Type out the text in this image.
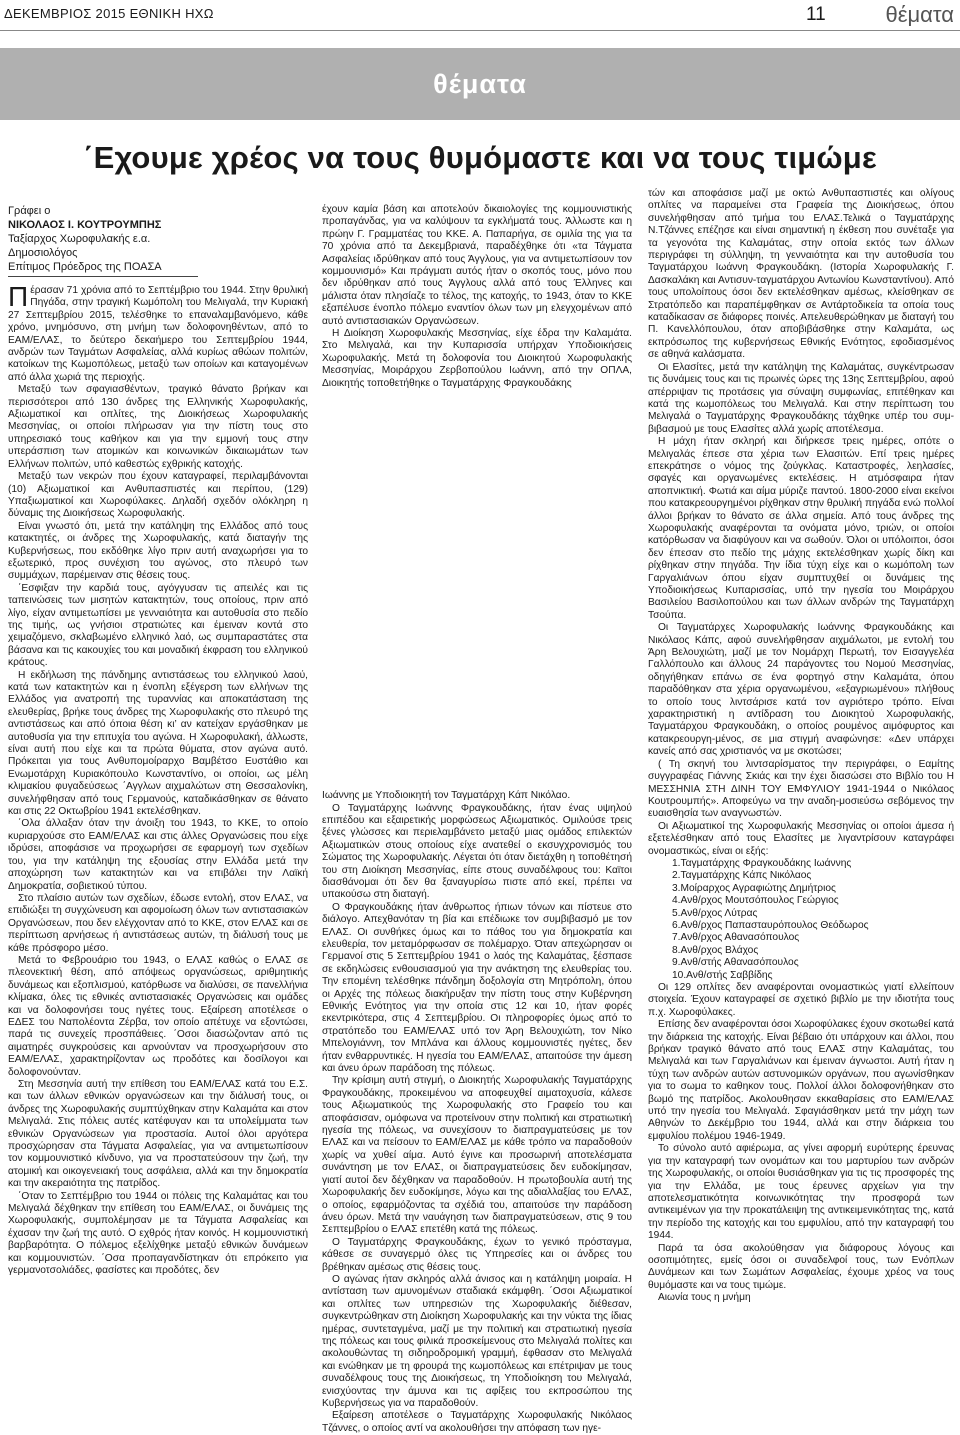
ΔΕΚΕΜΒΡΙΟΣ 2015 ΕΘΝΙΚΗ ΗΧΩ	11	θέματα
θέματα
΄Εχουμε χρέος να τους θυμόμαστε και να τους τιμώμε
Γράφει ο
ΝΙΚΟΛΑΟΣ Ι. ΚΟΥΤΡΟΥΜΠΗΣ
Ταξίαρχος Χωροφυλακής ε.α.
Δημοσιολόγος
Επίτιμος Πρόεδρος της ΠΟΑΣΑ

Πέρασαν 71 χρόνια από το Σεπτέμβριο του 1944. Στην θρυλική Πηγάδα, στην τραγική Κωμόπολη του Μελιγαλά, την Κυριακή 27 Σεπτεμβρίου 2015, τελέσθηκε το επαναλαμβανόμενο, κάθε χρόνο, μνημόσυνο, στη μνήμη των δολοφονηθέντων, από το ΕΑΜ/ΕΛΑΣ, το δεύτερο δεκαήμερο του Σεπτεμβρίου 1944, ανδρών των Ταγμάτων Ασφαλείας, αλλά κυρίως αθώων πολιτών, κατοίκων της Κωμοπόλεως, μεταξύ των οποίων και καταγομένων από άλλα χωριά της περιοχής.

Μεταξύ των σφαγιασθέντων, τραγικό θάνατο βρήκαν και περισσότεροι από 130 άνδρες της Ελληνικής Χωροφυλακής, Αξιωματικοί και οπλίτες, της Διοικήσεως Χωροφυλακής Μεσσηνίας, οι οποίοι πλήρωσαν για την πίστη τους στο υπηρεσιακό τους καθήκον και για την εμμονή τους στην υπεράσπιση των ατομικών και κοινωνικών δικαιωμάτων των Ελλήνων πολιτών, υπό καθεστώς εχθρικής κατοχής.

Μεταξύ των νεκρών που έχουν καταγραφεί, περιλαμβάνονται (10) Αξιωματικοί και Ανθυπασπιστές και περίπου, (129) Υπαξιωματικοί και Χωροφύλακες. Δηλαδή σχεδόν ολόκληρη η δύναμις της Διοικήσεως Χωροφυλακής.

Είναι γνωστό ότι, μετά την κατάληψη της Ελλάδος από τους κατακτητές, οι άνδρες της Χωροφυλακής, κατά διαταγήν της Κυβερνήσεως, που εκδόθηκε λίγο πριν αυτή αναχωρήσει για το εξωτερικό, προς συνέχιση του αγώνος, στο πλευρό των συμμάχων, παρέμειναν στις θέσεις τους.

΄Εσφιξαν την καρδιά τους, αγόγγυσαν τις απειλές και τις ταπεινώσεις των μισητών κατακτητών, τους οποίους, πριν από λίγο, είχαν αντιμετωπίσει με γενναιότητα και αυτοθυσία στο πεδίο της τιμής, ως γνήσιοι στρατιώτες και έμειναν κοντά στο χειμαζόμενο, σκλαβωμένο ελληνικό λαό, ως συμπαραστάτες στα βάσανα και τις κακουχίες του και μοναδική έκφραση του ελληνικού κράτους.

Η εκδήλωση της πάνδημης αντιστάσεως του ελληνικού λαού, κατά των κατακτητών και η ένοπλη εξέγερση των ελλήνων της Ελλάδος για ανατροπή της τυραννίας και αποκατάσταση της ελευθερίας, βρήκε τους άνδρες της Χωροφυλακής στο πλευρό της αντιστάσεως και από όποια θέση κι’ αν κατείχαν εργάσθηκαν με αυτοθυσία για την επιτυχία του αγώνα. Η Χωροφυλακή, άλλωστε, είναι αυτή που είχε και τα πρώτα θύματα, στον αγώνα αυτό. Πρόκειται για τους Ανθυπομοίραρχο Βαμβέτσο Ευστάθιο και Ενωμοτάρχη Κυριακόπουλο Κωνσταντίνο, οι οποίοι, ως μέλη κλιμακίου φυγαδεύσεως ΄Αγγλων αιχμαλώτων στη Θεσσαλονίκη, συνελήφθησαν από τους Γερμανούς, καταδικάσθηκαν σε θάνατο και στις 22 Οκτωβρίου 1941 εκτελέσθηκαν.

΄Ολα άλλαξαν όταν την άνοιξη του 1943, το ΚΚΕ, το οποίο κυριαρχούσε στο ΕΑΜ/ΕΛΑΣ και στις άλλες Οργανώσεις που είχε ιδρύσει, αποφάσισε να προχωρήσει σε εφαρμογή των σχεδίων του, για την κατάληψη της εξουσίας στην Ελλάδα μετά την αποχώρηση των κατακτητών και να επιβάλει την Λαϊκή Δημοκρατία, σοβιετικού τύπου.

Στο πλαίσιο αυτών των σχεδίων, έδωσε εντολή, στον ΕΛΑΣ, να επιδιώξει τη συγχώνευση και αφομοίωση όλων των αντιστασιακών Οργανώσεων, που δεν ελέγχονταν από το ΚΚΕ, στον ΕΛΑΣ και σε περίπτωση αρνήσεως ή αντιστάσεως αυτών, τη διάλυσή τους με κάθε πρόσφορο μέσο.

Μετά το Φεβρουάριο του 1943, ο ΕΛΑΣ καθώς ο ΕΛΑΣ σε πλεονεκτική θέση, από απόψεως οργανώσεως, αριθμητικής δυνάμεως και εξοπλισμού, κατόρθωσε να διαλύσει, σε πανελλήνια κλίμακα, όλες τις εθνικές αντιστασιακές Οργανώσεις και ομάδες και να δολοφονήσει τους ηγέτες τους. Εξαίρεση αποτέλεσε ο ΕΔΕΣ του Ναπολέοντα Ζέρβα, τον οποίο απέτυχε να εξοντώσει, παρά τις συνεχείς προσπάθειες. ΄Οσοι διασώζονταν από τις αιματηρές συγκρούσεις και αρνούνταν να προσχωρήσουν στο ΕΑΜ/ΕΛΑΣ, χαρακτηρίζονταν ως προδότες και δοσίλογοι και δολοφονούνταν.

Στη Μεσσηνία αυτή την επίθεση του ΕΑΜ/ΕΛΑΣ κατά του Ε.Σ. και των άλλων εθνικών οργανώσεων και την διάλυσή τους, οι άνδρες της Χωροφυλακής συμπτύχθηκαν στην Καλαμάτα και στον Μελιγαλά. Στις πόλεις αυτές κατέφυγαν και τα υπολείμματα των εθνικών Οργανώσεων για προστασία. Αυτοί όλοι αργότερα προσχώρησαν στα Τάγματα Ασφαλείας, για να αντιμετωπίσουν τον κομμουνιστικό κίνδυνο, για να προστατεύσουν την ζωή, την ατομική και οικογενειακή τους ασφάλεια, αλλά και την δημοκρατία και την ακεραιότητα της πατρίδος.

΄Οταν το Σεπτέμβριο του 1944 οι πόλεις της Καλαμάτας και του Μελιγαλά δέχθηκαν την επίθεση του ΕΑΜ/ΕΛΑΣ, οι δυνάμεις της Χωροφυλακής, συμπολέμησαν με τα Τάγματα Ασφαλείας και έχασαν την ζωή της αυτό. Ο εχθρός ήταν κοινός. Η κομμουνιστική βαρβαρότητα. Ο πόλεμος εξελίχθηκε μεταξύ εθνικών δυνάμεων και κομμουνιστών. ΄Οσα προπαγανδίστηκαν ότι επρόκειτο για γερμανοτσολιάδες, φασίστες και προδότες, δεν

έχουν καμία βάση και αποτελούν δικαιολογίες της κομμουνιστικής προπαγάνδας, για να καλύψουν τα εγκλήματά τους. Άλλωστε και η πρώην Γ. Γραμματέας του ΚΚΕ. Α. Παπαρήγα, σε ομιλία της για τα 70 χρόνια από τα Δεκεμβριανά, παραδέχθηκε ότι «τα Τάγματα Ασφαλείας ιδρύθηκαν από τους Άγγλους, για να αντιμετωπίσουν τον κομμουνισμό» Και πράγματι αυτός ήταν ο σκοπός τους, μόνο που δεν ιδρύθηκαν από τους Άγγλους αλλά από τους Έλληνες και μάλιστα όταν πλησίαζε το τέλος, της κατοχής, το 1943, όταν το ΚΚΕ εξαπέλυσε ένοπλο πόλεμο εναντίον όλων των μη ελεγχομένων από αυτό αντιστασιακών Οργανώσεων.

Η Διοίκηση Χωροφυλακής Μεσσηνίας, είχε έδρα την Καλαμάτα. Στο Μελιγαλά, και την Κυπαρισσία υπήρχαν Υποδιοικήσεις Χωροφυλακής. Μετά τη δολοφονία του Διοικητού Χωροφυλακής Μεσσηνίας, Μοιράρχου Ζερβοπούλου Ιωάννη, από την ΟΠΛΑ, Διοικητής τοποθετήθηκε ο Ταγματάρχης Φραγκουδάκης

Ιωάννης με Υποδιοικητή τον Ταγματάρχη Κάπ Νικόλαο.

Ο Ταγματάρχης Ιωάννης Φραγκουδάκης, ήταν ένας υψηλού επιπέδου και εξαιρετικής μορφώσεως Αξιωματικός. Ομιλούσε τρεις ξένες γλώσσες και περιελαμβάνετο μεταξύ μιας ομάδος επιλεκτών Αξιωματικών στους οποίους είχε ανατεθεί ο εκσυγχρονισμός του Σώματος της Χωροφυλακής. Λέγεται ότι όταν διετάχθη η τοποθέτησή του στη Διοίκηση Μεσσηνίας, είπε στους συναδέλφους του: Καϊτοι διασθάνομαι ότι δεν θα ξαναγυρίσω πιστε από εκεί, πρέπει να υπακούσω στη διαταγή.

Ο Φραγκουδάκης ήταν άνθρωπος ήπιων τόνων και πίστευε στο διάλογο. Απεχθανόταν τη βία και επέδιωκε τον συμβιβασμό με τον ΕΛΑΣ. Οι συνθήκες όμως και το πάθος του για δημοκρατία και ελευθερία, τον μεταμόρφωσαν σε πολέμαρχο. Όταν απεχώρησαν οι Γερμανοί στις 5 Σεπτεμβρίου 1941 ο λαός της Καλαμάτας, ξέσπασε σε εκδηλώσεις ενθουσιασμού για την ανάκτηση της ελευθερίας του. Την επομένη τελέσθηκε πάνδημη δοξολογία στη Μητρόπολη, όπου οι Αρχές της πόλεως διακήρυξαν την πίστη τους στην Κυβέρνηση Εθνικής Ενότητος για την οποία στις 12 και 10, ήταν φορές εκεντρικότερα, στις 4 Σεπτεμβρίου. Οι πληροφορίες όμως από το στρατόπεδο του ΕΑΜ/ΕΛΑΣ υπό τον Άρη Βελουχιώτη, τον Νίκο Μπελογιάννη, τον Μπλάνα και άλλους κομμουνιστές ηγέτες, δεν ήταν ενθαρρυντικές. Η ηγεσία του ΕΑΜ/ΕΛΑΣ, απαιτούσε την άμεση και άνευ όρων παράδοση της πόλεως.

Την κρίσιμη αυτή στιγμή, ο Διοικητής Χωροφυλακής Ταγματάρχης Φραγκουδάκης, προκειμένου να αποφευχθεί αιματοχυσία, κάλεσε τους Αξιωματικούς της Χωροφυλακής στο Γραφείο του και αποφάσισαν, ομόφωνα να προτείνουν στην πολιτική και στρατιωτική ηγεσία της πόλεως, να συνεχίσουν το διαπραγματεύσεις με τον ΕΛΑΣ και να πείσουν το ΕΑΜ/ΕΛΑΣ με κάθε τρόπο να παραδοθούν χωρίς να χυθεί αίμα. Αυτό έγινε και προσωρινή αποτελέσματα συνάντηση με τον ΕΛΑΣ, οι διαπραγματεύσεις δεν ευδοκίμησαν, γιατί αυτοί δεν δέχθηκαν να παραδοθούν. Η πρωτοβουλία αυτή της Χωροφυλακής δεν ευδοκίμησε, λόγω και της αδιαλλαξίας του ΕΛΑΣ, ο οποίος, εφαρμόζοντας τα σχέδιά του, απαιτούσε την παράδοση άνευ όρων. Μετά την ναυάγηση των διαπραγματεύσεων, στις 9 του Σεπτεμβρίου ο ΕΛΑΣ επετέθη κατά της πόλεως.

Ο Ταγματάρχης Φραγκουδάκης, έχων το γενικό πρόσταγμα, κάθεσε σε συναγερμό όλες τις Υπηρεσίες και οι άνδρες του βρέθηκαν αμέσως στις θέσεις τους.

Ο αγώνας ήταν σκληρός αλλά άνισος και η κατάληψη μοιραία. Η αντίσταση των αμυνομένων σταδιακά εκάμφθη. ΄Οσοι Αξιωματικοί και οπλίτες των υπηρεσιών της Χωροφυλακής διέθεσαν, συγκεντρώθηκαν στη Διοίκηση Χωροφυλακής και την νύκτα της ίδιας ημέρας, συντεταγμένα, μαζί με την πολιτική και στρατιωτική ηγεσία της πόλεως και τους φιλικά προσκείμενους στο Μελιγαλά πολίτες και ακολουθώντας τη σιδηροδρομική γραμμή, έφθασαν στο Μελιγαλά και ενώθηκαν με τη φρουρά της κωμοπόλεως και επέτριψαν με τους συναδέλφους τους της Διοικήσεως, τη Υποδιοίκηση του Μελιγαλά, ενισχύοντας την άμυνα και τις αφίξεις του εκπροσώπου της Κυβερνήσεως για να παραδοθούν.

Εξαίρεση αποτέλεσε ο Ταγματάρχης Χωροφυλακής Νικόλαος Τζάννες, ο οποίος αντί να ακολουθήσει την απόφαση των ηγε-

τών και αποφάσισε μαζί με οκτώ Ανθυπασπιστές και ολίγους οπλίτες να παραμείνει στα Γραφεία της Διοικήσεως, όπου συνελήφθησαν από τμήμα του ΕΛΑΣ.Τελικά ο Ταγματάρχης Ν.Τζάννες επέζησε και είναι σημαντική η έκθεση που συνέταξε για τα γεγονότα της Καλαμάτας, στην οποία εκτός των άλλων περιγράφει τη σύλληψη, τη γενναιότητα και την αυτοθυσία του Ταγματάρχου Ιωάννη Φραγκουδάκη. (Ιστορία Χωροφυλακής Γ. Δασκαλάκη και Αντισυν-ταγματάρχου Αντωνίου Κωνσταντίνου). Από τους υπολοίπους όσοι δεν εκτελέσθηκαν αμέσως, κλείσθηκαν σε Στρατόπεδο και παραπέμφθηκαν σε Αντάρτοδικεία τα οποία τους καταδίκασαν σε διάφορες ποινές. Απελευθερώθηκαν με διαταγή του Π. Κανελλόπουλου, όταν αποβιβάσθηκε στην Καλαμάτα, ως εκπρόσωπος της κυβερνήσεως Εθνικής Ενότητος, εφοδιασμένος σε αθηνά καλάσματα.

Οι Ελασίτες, μετά την κατάληψη της Καλαμάτας, συγκέντρωσαν τις δυνάμεις τους και τις πρωινές ώρες της 13ης Σεπτεμβρίου, αφού απέρριψαν τις προτάσεις για σύναψη συμφωνίας, επιτέθηκαν και κατά της κωμοπόλεως του Μελιγαλά. Και στην περίπτωση του Μελιγαλά ο Ταγματάρχης Φραγκουδάκης τάχθηκε υπέρ του συμ-βιβασμού με τους Ελασίτες αλλά χωρίς αποτέλεσμα.

Η μάχη ήταν σκληρή και διήρκεσε τρεις ημέρες, οπότε ο Μελιγαλάς έπεσε στα χέρια των Ελασιτών. Επί τρεις ημέρες επεκράτησε ο νόμος της ζούγκλας. Καταστροφές, λεηλασίες, σφαγές και οργανωμένες εκτελέσεις. Η ατμόσφαιρα ήταν αποπνικτική. Φωτιά και αίμα μύριζε παντού. 1800-2000 είναι εκείνοι που κατακρεουργημένοι ρίχθηκαν στην θρυλική πηγάδα ενώ πολλοί άλλοι βρήκαν το θάνατο σε άλλα σημεία. Από τους άνδρες της Χωροφυλακής αναφέρονται τα ονόματα μόνο, τριών, οι οποίοι κατόρθωσαν να διαφύγουν και να σωθούν. Όλοι οι υπόλοιποι, όσοι δεν έπεσαν στο πεδίο της μάχης εκτελέσθηκαν χωρίς δίκη και ρίχθηκαν στην πηγάδα. Την ίδια τύχη είχε και ο κωμόπολη των Γαργαλιάνων όπου είχαν συμπτυχθεί οι δυνάμεις της Υποδιοικήσεως Κυπαρισσίας, υπό την ηγεσία του Μοιράρχου Βασιλείου Βασιλοπούλου και των άλλων ανδρών της Ταγματάρχη Τσούπα.

Οι Ταγματάρχες Χωροφυλακής Ιωάννης Φραγκουδάκης και Νικόλαος Κάπς, αφού συνελήφθησαν αιχμάλωτοι, με εντολή του Άρη Βελουχιώτη, μαζί με τον Νομάρχη Περωτή, τον Εισαγγελέα Γαλλόπουλο και άλλους 24 παράγοντες του Νομού Μεσσηνίας, οδηγήθηκαν επάνω σε ένα φορτηγό στην Καλαμάτα, όπου παραδόθηκαν στα χέρια οργανωμένου, «εξαγριωμένου» πλήθους το οποίο τους λιντσάρισε κατά τον αγριότερο τρόπο. Είναι χαρακτηριστική η αντίδραση του Διοικητού Χωροφυλακής, Ταγματάρχου Φραγκουδάκη, ο οποίος ρουμένος αιμόφυρτος και κατακρεουργη-μένος, σε μια στιγμή αναφώνησε: «Δεν υπάρχει κανείς από σας χριστιανός να με σκοτώσει;

( Τη σκηνή του λιντσαρίσματος την περιγράφει, ο Εαμίτης συγγραφέας Γιάννης Σκιάς και την έχει διασώσει στο Βιβλίο του Η ΜΕΣΣΗΝΙΑ ΣΤΗ ΔΙΝΗ ΤΟΥ ΕΜΦΥΛΙΟΥ 1941-1944 ο Νικόλαος Κουτρουμπής». Αποφεύγω να την αναδη-μοσιεύσω σεβόμενος την ευαισθησία των αναγνωστών.

Οι Αξιωματικοί της Χωροφυλακής Μεσσηνίας οι οποίοι άμεσα ή εξετελέσθηκαν από τους Ελασίτες με λιγαντρίσουν καταγράφει ονομαστικώς, είναι οι εξής:

1.Ταγματάρχης Φραγκουδάκης Ιωάννης
2.Ταγματάρχης Κάπς Νικόλαος
3.Μοίραρχος Αγραφιώτης Δημήτριος
4.Ανθ/ρχος Μουτσόπουλος Γεώργιος
5.Ανθ/ρχος Λύτρας
6.Ανθ/ρχος Παπασταυρόπουλος Θεόδωρος
7.Ανθ/ρχος Αθανασόπουλος
8.Ανθ/ρχος Βλάχος
9.Ανθ/στής Αθανασόπουλος
10.Ανθ/στής Σαββίδης

Οι 129 οπλίτες δεν αναφέρονται ονομαστικώς γιατί ελλείπουν στοιχεία. Έχουν καταγραφεί σε σχετικό βιβλίο με την ιδιοτήτα τους π.χ. Χωροφύλακες.

Επίσης δεν αναφέρονται όσοι Χωροφύλακες έχουν σκοτωθεί κατά την διάρκεια της κατοχής. Είναι βέβαιο ότι υπάρχουν και άλλοι, που βρήκαν τραγικό θάνατο από τους ΕΛΑΣ στην Καλαμάτας, του Μελιγαλά και των Γαργαλιάνων και έμειναν άγνωστοι. Αυτή ήταν η τύχη των ανδρών αυτών αστυνομικών οργάνων, που αγωνίσθηκαν για το σωμα το καθηκον τους. Πολλοί άλλοι δολοφονήθηκαν στο βωμό της πατρίδος. Ακολουθησαν εκκαθαρίσεις στο ΕΑΜ/ΕΛΑΣ υπό την ηγεσία του Μελιγαλά. Σφαγιάσθηκαν μετά την μάχη των Αθηνών το Δεκέμβριο του 1944, αλλά και στην διάρκεια του εμφυλίου πολέμου 1946-1949.

Το σύνολο αυτό αφιέρωμα, ας γίνει αφορμή ευρύτερης έρευνας για την καταγραφή των ονομάτων και του μαρτυρίου των ανδρών της Χωροφυλακής, οι οποίοι θυσιάσθηκαν για τις τις προσφορές της για την Ελλάδα, με τους έρευνες αρχείων για την αποτελεσματικότητα κοινωνικότητας την προσφορά των αντικειμένων για την προκατάλειψη της αντικειμενικότητας της, κατά την περίοδο της κατοχής και του εμφυλίου, από την καταγραφή του 1944.

Παρά τα όσα ακολούθησαν για διάφορους λόγους και οσοπιμότητες, εμείς όσοι οι συναδελφοί τους, των Ενόπλων Δυνάμεων και των Σωμάτων Ασφαλείας, έχουμε χρέος να τους θυμόμαστε και να τους τιμώμε.

Αιωνία τους η μνήμη
